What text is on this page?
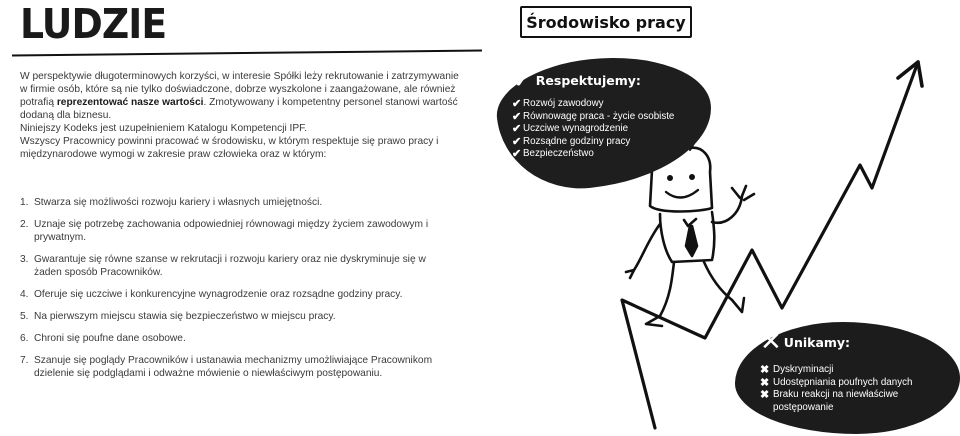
LUDZIE	Środowisko pracy

W perspektywie długoterminowych korzyści, w interesie Spółki leży rekrutowanie i zatrzymywanie w firmie osób, które są nie tylko doświadczone, dobrze wyszkolone i zaangażowane, ale również potrafią reprezentować nasze wartości. Zmotywowany i kompetentny personel stanowi wartość dodaną dla biznesu.

Niniejszy Kodeks jest uzupełnieniem Katalogu Kompetencji IPF.

Wszyscy Pracownicy powinni pracować w środowisku, w którym respektuje się prawo pracy i międzynarodowe wymogi w zakresie praw człowieka oraz w którym:

1. Stwarza się możliwości rozwoju kariery i własnych umiejętności.
2. Uznaje się potrzebę zachowania odpowiedniej równowagi między życiem zawodowym i prywatnym.
3. Gwarantuje się równe szanse w rekrutacji i rozwoju kariery oraz nie dyskryminuje się w żaden sposób Pracowników.
4. Oferuje się uczciwe i konkurencyjne wynagrodzenie oraz rozsądne godziny pracy.
5. Na pierwszym miejscu stawia się bezpieczeństwo w miejscu pracy.
6. Chroni się poufne dane osobowe.
7. Szanuje się poglądy Pracowników i ustanawia mechanizmy umożliwiające Pracownikom dzielenie się podglądami i odważne mówienie o niewłaściwym postępowaniu.
✓ Respektujemy:
✔ Rozwój zawodowy
✔ Równowagę praca - życie osobiste
✔ Uczciwe wynagrodzenie
✔ Rozsądne godziny pracy
✔ Bezpieczeństwo
✕ Unikamy:
✖ Dyskryminacji
✖ Udostępniania poufnych danych
✖ Braku reakcji na niewłaściwe postępowanie
